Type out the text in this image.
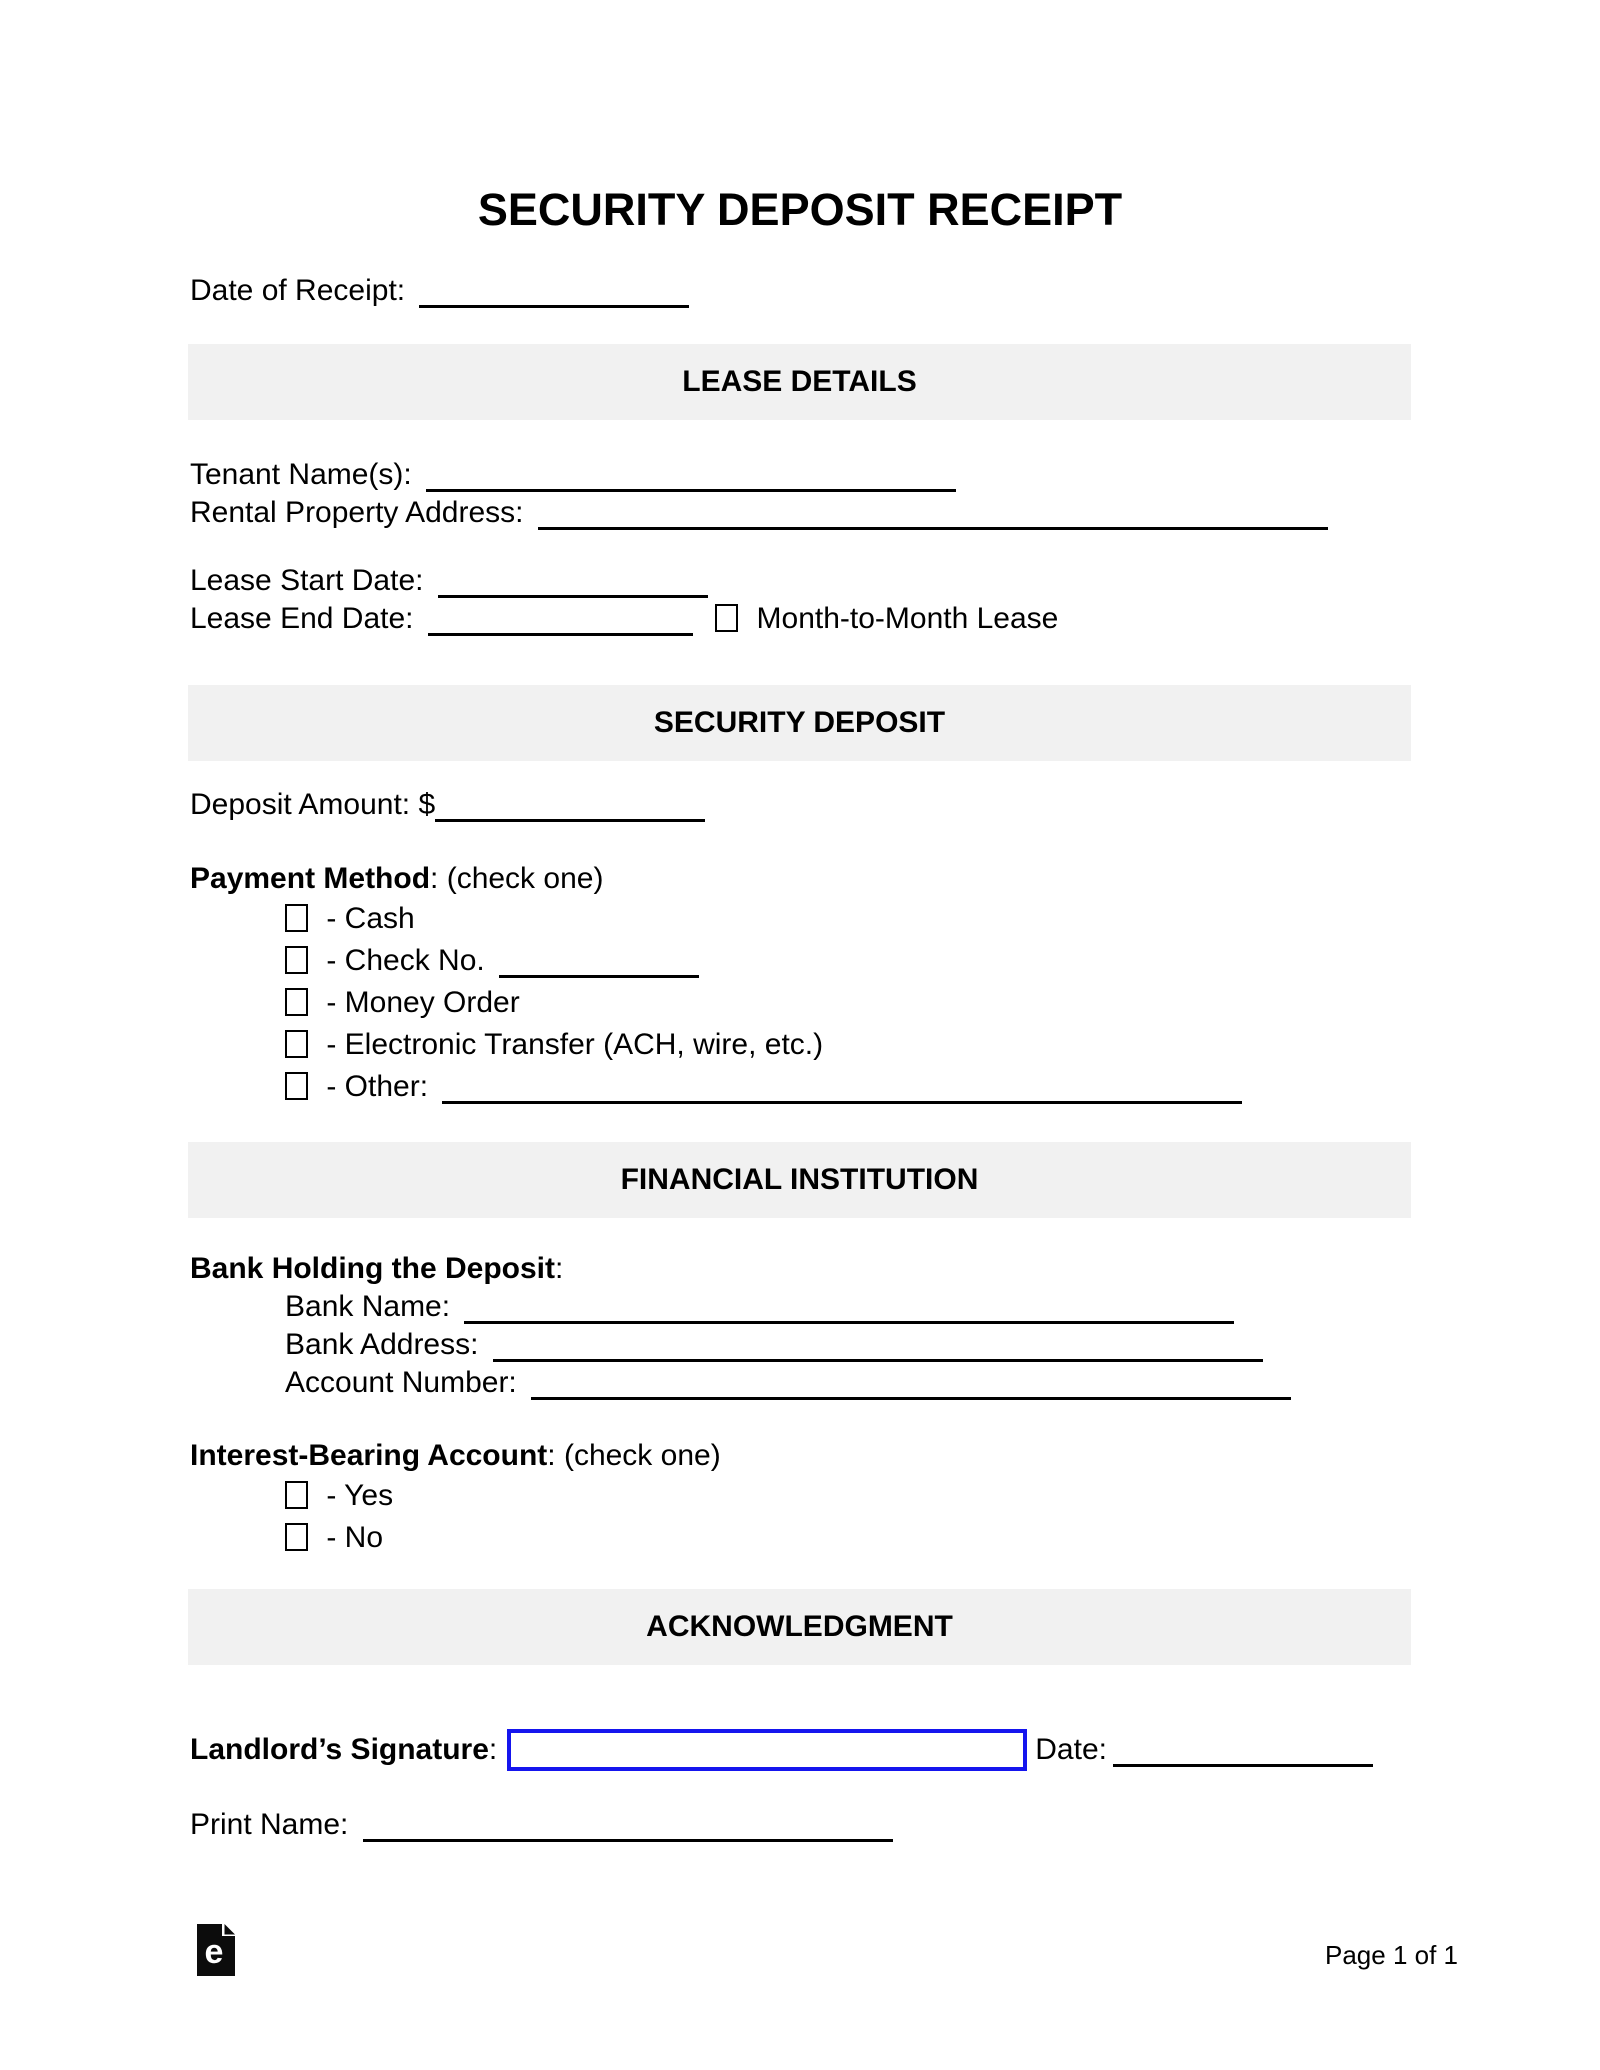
SECURITY DEPOSIT RECEIPT
Date of Receipt:
LEASE DETAILS
Tenant Name(s):
Rental Property Address:
Lease Start Date:
Lease End Date:	Month-to-Month Lease
SECURITY DEPOSIT
Deposit Amount: $
Payment Method: (check one)
- Cash
- Check No.
- Money Order
- Electronic Transfer (ACH, wire, etc.)
- Other:
FINANCIAL INSTITUTION
Bank Holding the Deposit:
Bank Name:
Bank Address:
Account Number:
Interest-Bearing Account: (check one)
- Yes
- No
ACKNOWLEDGMENT
Landlord’s Signature:	Date:
Print Name:
e	Page 1 of 1
